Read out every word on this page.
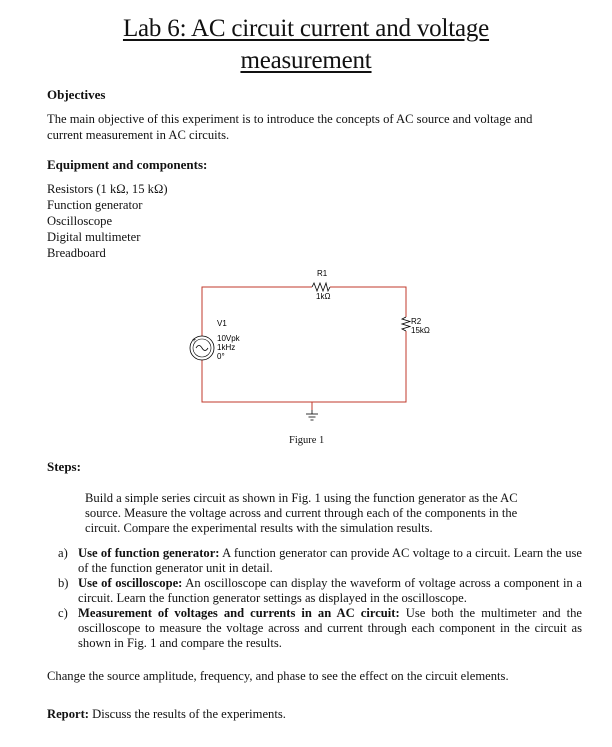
Lab 6: AC circuit current and voltage
measurement
Objectives
The main objective of this experiment is to introduce the concepts of AC source and voltage and
current measurement in AC circuits.
Equipment and components:
Resistors (1 kΩ, 15 kΩ)
Function generator
Oscilloscope
Digital multimeter
Breadboard
+
R1
1kΩ
R2
15kΩ
V1
10Vpk
1kHz
0°
Figure 1
Steps:
Build a simple series circuit as shown in Fig. 1 using the function generator as the AC
source. Measure the voltage across and current through each of the components in the
circuit. Compare the experimental results with the simulation results.
a) Use of function generator: A function generator can provide AC voltage to a circuit. Learn the use of the function generator unit in detail.
b) Use of oscilloscope: An oscilloscope can display the waveform of voltage across a component in a circuit. Learn the function generator settings as displayed in the oscilloscope.
c) Measurement of voltages and currents in an AC circuit: Use both the multimeter and the oscilloscope to measure the voltage across and current through each component in the circuit as shown in Fig. 1 and compare the results.
Change the source amplitude, frequency, and phase to see the effect on the circuit elements.
Report: Discuss the results of the experiments.
